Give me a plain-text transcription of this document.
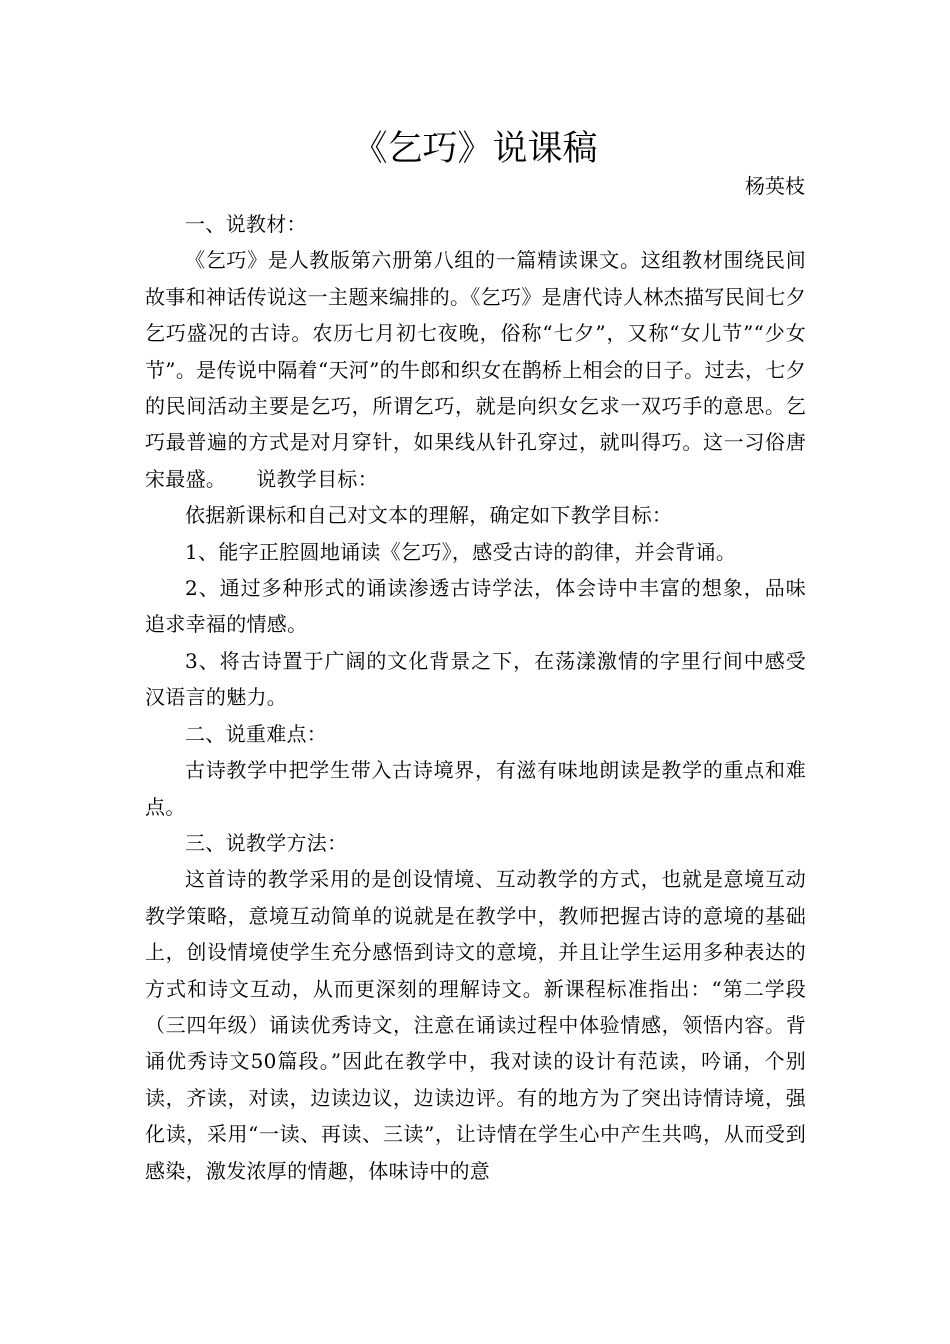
《乞巧》说课稿
杨英枝

一、说教材：

《乞巧》是人教版第六册第八组的一篇精读课文。这组教材围绕民间故事和神话传说这一主题来编排的。《乞巧》是唐代诗人林杰描写民间七夕乞巧盛况的古诗。农历七月初七夜晚，俗称“七夕”，又称“女儿节”“少女节”。是传说中隔着“天河”的牛郎和织女在鹊桥上相会的日子。过去，七夕的民间活动主要是乞巧，所谓乞巧，就是向织女乞求一双巧手的意思。乞巧最普遍的方式是对月穿针，如果线从针孔穿过，就叫得巧。这一习俗唐宋最盛。 说教学目标：

依据新课标和自己对文本的理解，确定如下教学目标：

1、能字正腔圆地诵读《乞巧》，感受古诗的韵律，并会背诵。

2、通过多种形式的诵读渗透古诗学法，体会诗中丰富的想象，品味追求幸福的情感。

3、将古诗置于广阔的文化背景之下，在荡漾激情的字里行间中感受汉语言的魅力。

二、说重难点：

古诗教学中把学生带入古诗境界，有滋有味地朗读是教学的重点和难点。

三、说教学方法：

这首诗的教学采用的是创设情境、互动教学的方式，也就是意境互动教学策略，意境互动简单的说就是在教学中，教师把握古诗的意境的基础上，创设情境使学生充分感悟到诗文的意境，并且让学生运用多种表达的方式和诗文互动，从而更深刻的理解诗文。新课程标准指出：“第二学段（三四年级）诵读优秀诗文，注意在诵读过程中体验情感，领悟内容。背诵优秀诗文50篇段。”因此在教学中，我对读的设计有范读，吟诵，个别读，齐读，对读，边读边议，边读边评。有的地方为了突出诗情诗境，强化读，采用“一读、再读、三读”，让诗情在学生心中产生共鸣，从而受到感染，激发浓厚的情趣，体味诗中的意
